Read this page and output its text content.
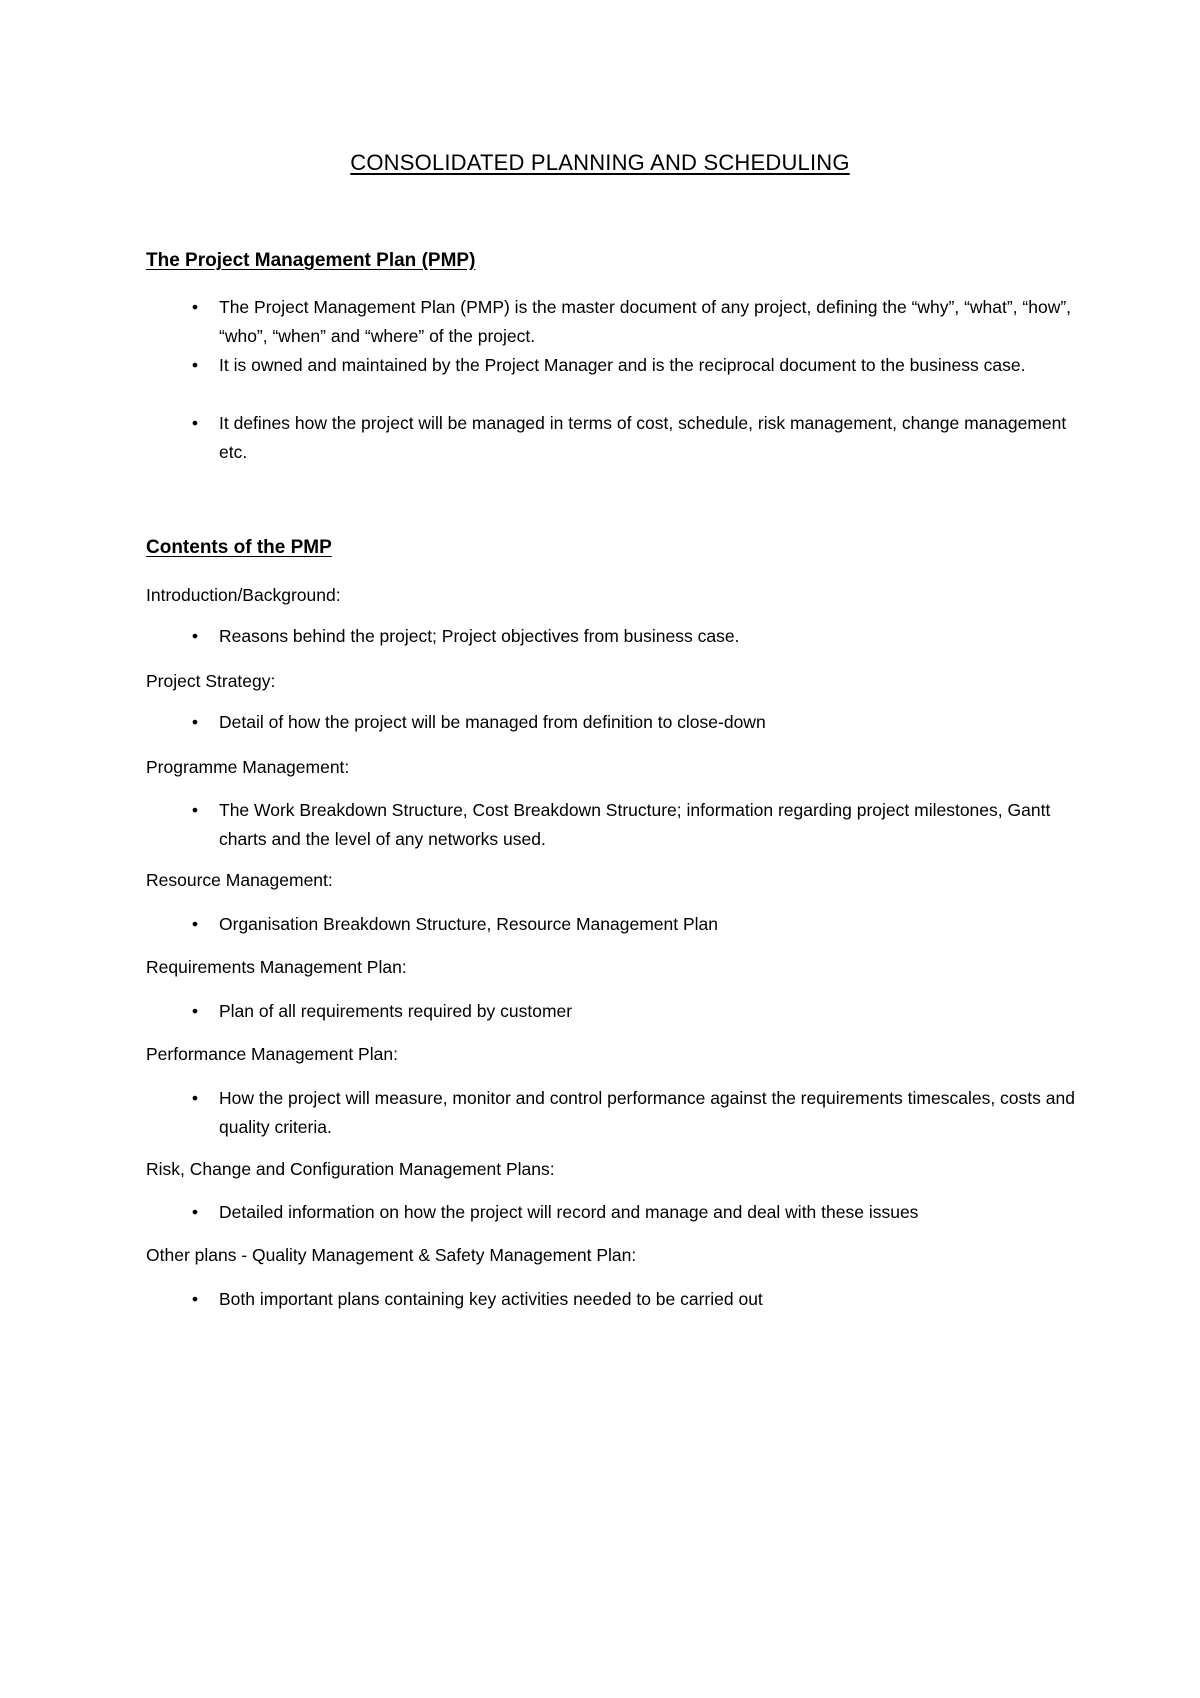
CONSOLIDATED PLANNING AND SCHEDULING
The Project Management Plan (PMP)
•	The Project Management Plan (PMP) is the master document of any project, defining the “why”, “what”, “how”, “who”, “when” and “where” of the project.

•	It is owned and maintained by the Project Manager and is the reciprocal document to the business case.

•	It defines how the project will be managed in terms of cost, schedule, risk management, change management etc.

Contents of the PMP

Introduction/Background:

•	Reasons behind the project; Project objectives from business case.

Project Strategy:

•	Detail of how the project will be managed from definition to close-down

Programme Management:

•	The Work Breakdown Structure, Cost Breakdown Structure; information regarding project milestones, Gantt charts and the level of any networks used.

Resource Management:

•	Organisation Breakdown Structure, Resource Management Plan

Requirements Management Plan:

•	Plan of all requirements required by customer

Performance Management Plan:

•	How the project will measure, monitor and control performance against the requirements timescales, costs and quality criteria.

Risk, Change and Configuration Management Plans:

•	Detailed information on how the project will record and manage and deal with these issues

Other plans - Quality Management & Safety Management Plan:

•	Both important plans containing key activities needed to be carried out
